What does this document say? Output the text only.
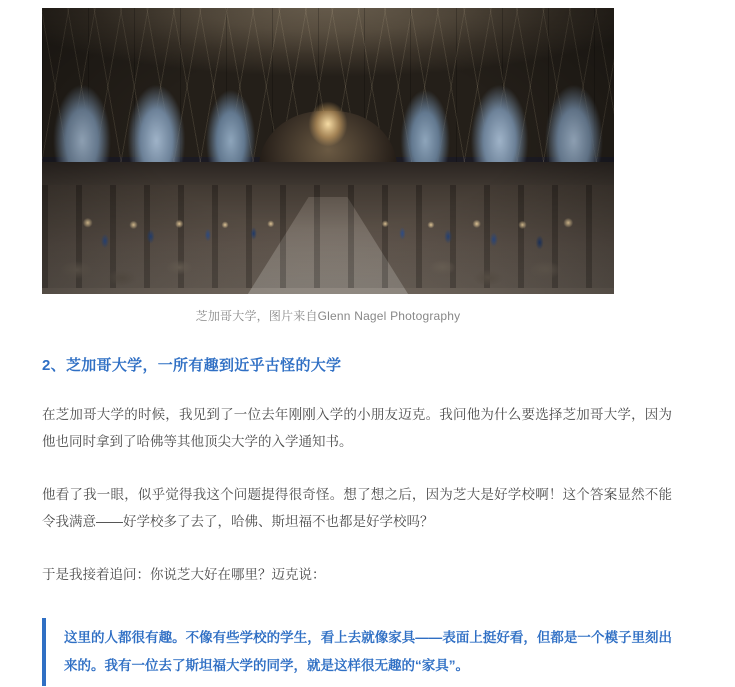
芝加哥大学，图片来自Glenn Nagel Photography
2、芝加哥大学，一所有趣到近乎古怪的大学

在芝加哥大学的时候，我见到了一位去年刚刚入学的小朋友迈克。我问他为什么要选择芝加哥大学，因为他也同时拿到了哈佛等其他顶尖大学的入学通知书。

他看了我一眼，似乎觉得我这个问题提得很奇怪。想了想之后，因为芝大是好学校啊！这个答案显然不能令我满意——好学校多了去了，哈佛、斯坦福不也都是好学校吗？

于是我接着追问：你说芝大好在哪里？迈克说：

这里的人都很有趣。不像有些学校的学生，看上去就像家具——表面上挺好看，但都是一个模子里刻出来的。我有一位去了斯坦福大学的同学，就是这样很无趣的“家具”。
